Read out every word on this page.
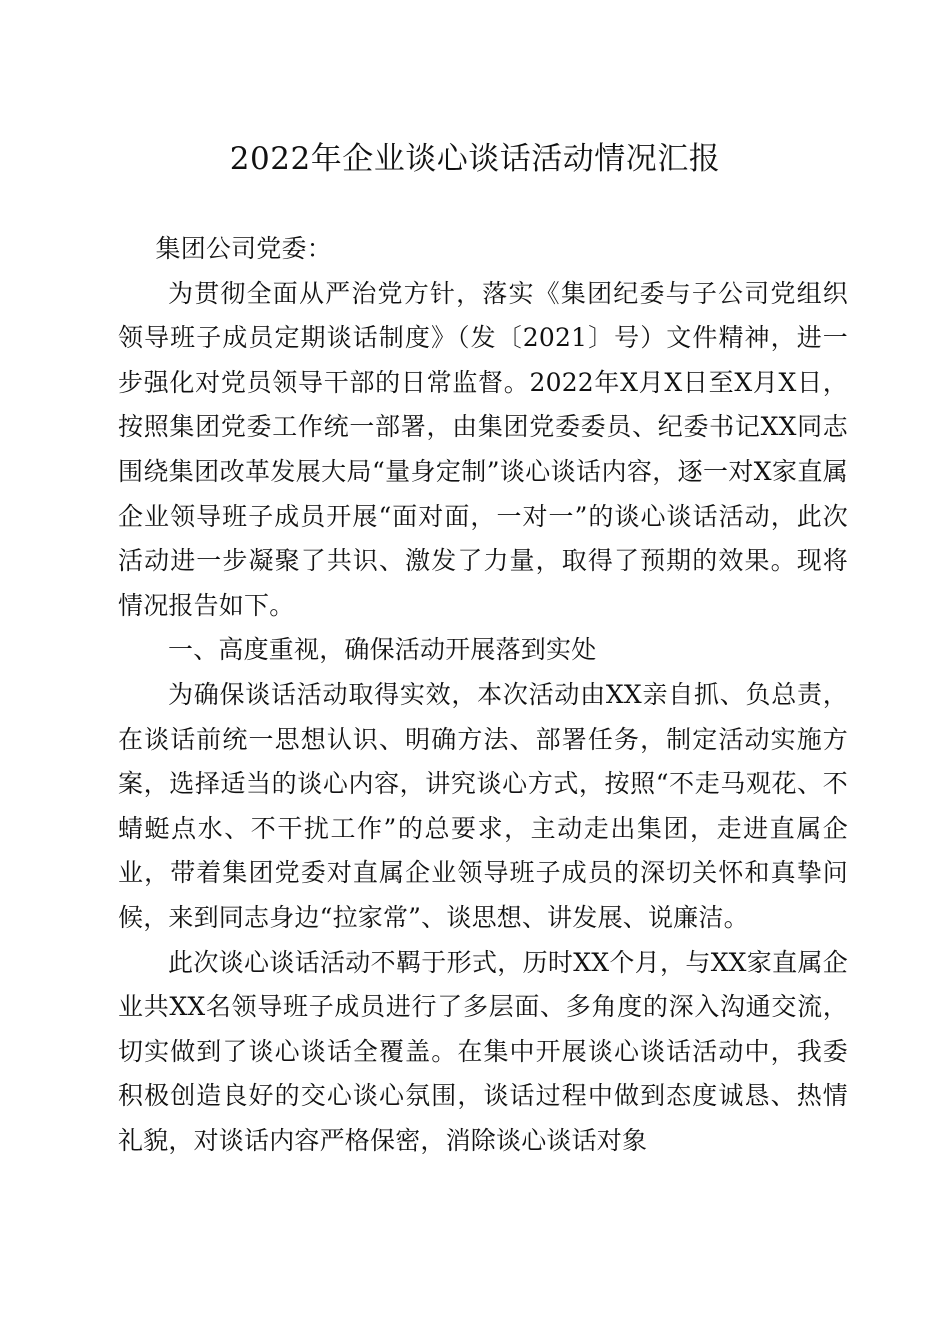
2022年企业谈心谈话活动情况汇报

集团公司党委：

为贯彻全面从严治党方针，落实《集团纪委与子公司党组织领导班子成员定期谈话制度》（发〔2021〕号）文件精神，进一步强化对党员领导干部的日常监督。2022年X月X日至X月X日，按照集团党委工作统一部署，由集团党委委员、纪委书记XX同志围绕集团改革发展大局“量身定制”谈心谈话内容，逐一对X家直属企业领导班子成员开展“面对面，一对一”的谈心谈话活动，此次活动进一步凝聚了共识、激发了力量，取得了预期的效果。现将情况报告如下。

一、高度重视，确保活动开展落到实处

为确保谈话活动取得实效，本次活动由XX亲自抓、负总责，在谈话前统一思想认识、明确方法、部署任务，制定活动实施方案，选择适当的谈心内容，讲究谈心方式，按照“不走马观花、不蜻蜓点水、不干扰工作”的总要求，主动走出集团，走进直属企业，带着集团党委对直属企业领导班子成员的深切关怀和真挚问候，来到同志身边“拉家常”、谈思想、讲发展、说廉洁。

此次谈心谈话活动不羁于形式，历时XX个月，与XX家直属企业共XX名领导班子成员进行了多层面、多角度的深入沟通交流，切实做到了谈心谈话全覆盖。在集中开展谈心谈话活动中，我委积极创造良好的交心谈心氛围，谈话过程中做到态度诚恳、热情礼貌，对谈话内容严格保密，消除谈心谈话对象
